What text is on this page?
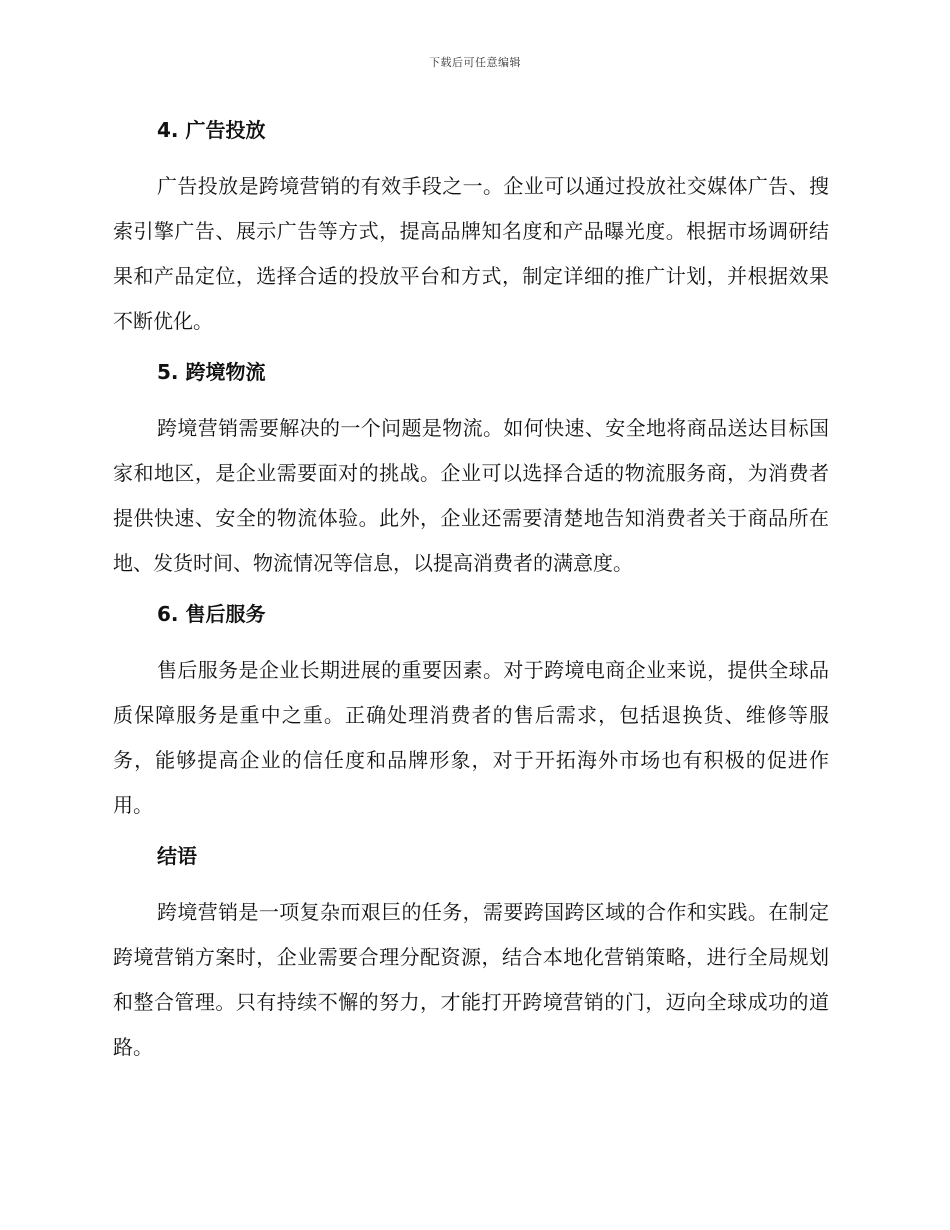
下载后可任意编辑
4. 广告投放

广告投放是跨境营销的有效手段之一。企业可以通过投放社交媒体广告、搜索引擎广告、展示广告等方式，提高品牌知名度和产品曝光度。根据市场调研结果和产品定位，选择合适的投放平台和方式，制定详细的推广计划，并根据效果不断优化。

5. 跨境物流

跨境营销需要解决的一个问题是物流。如何快速、安全地将商品送达目标国家和地区，是企业需要面对的挑战。企业可以选择合适的物流服务商，为消费者提供快速、安全的物流体验。此外，企业还需要清楚地告知消费者关于商品所在地、发货时间、物流情况等信息，以提高消费者的满意度。

6. 售后服务

售后服务是企业长期进展的重要因素。对于跨境电商企业来说，提供全球品质保障服务是重中之重。正确处理消费者的售后需求，包括退换货、维修等服务，能够提高企业的信任度和品牌形象，对于开拓海外市场也有积极的促进作用。

结语

跨境营销是一项复杂而艰巨的任务，需要跨国跨区域的合作和实践。在制定跨境营销方案时，企业需要合理分配资源，结合本地化营销策略，进行全局规划和整合管理。只有持续不懈的努力，才能打开跨境营销的门，迈向全球成功的道路。
